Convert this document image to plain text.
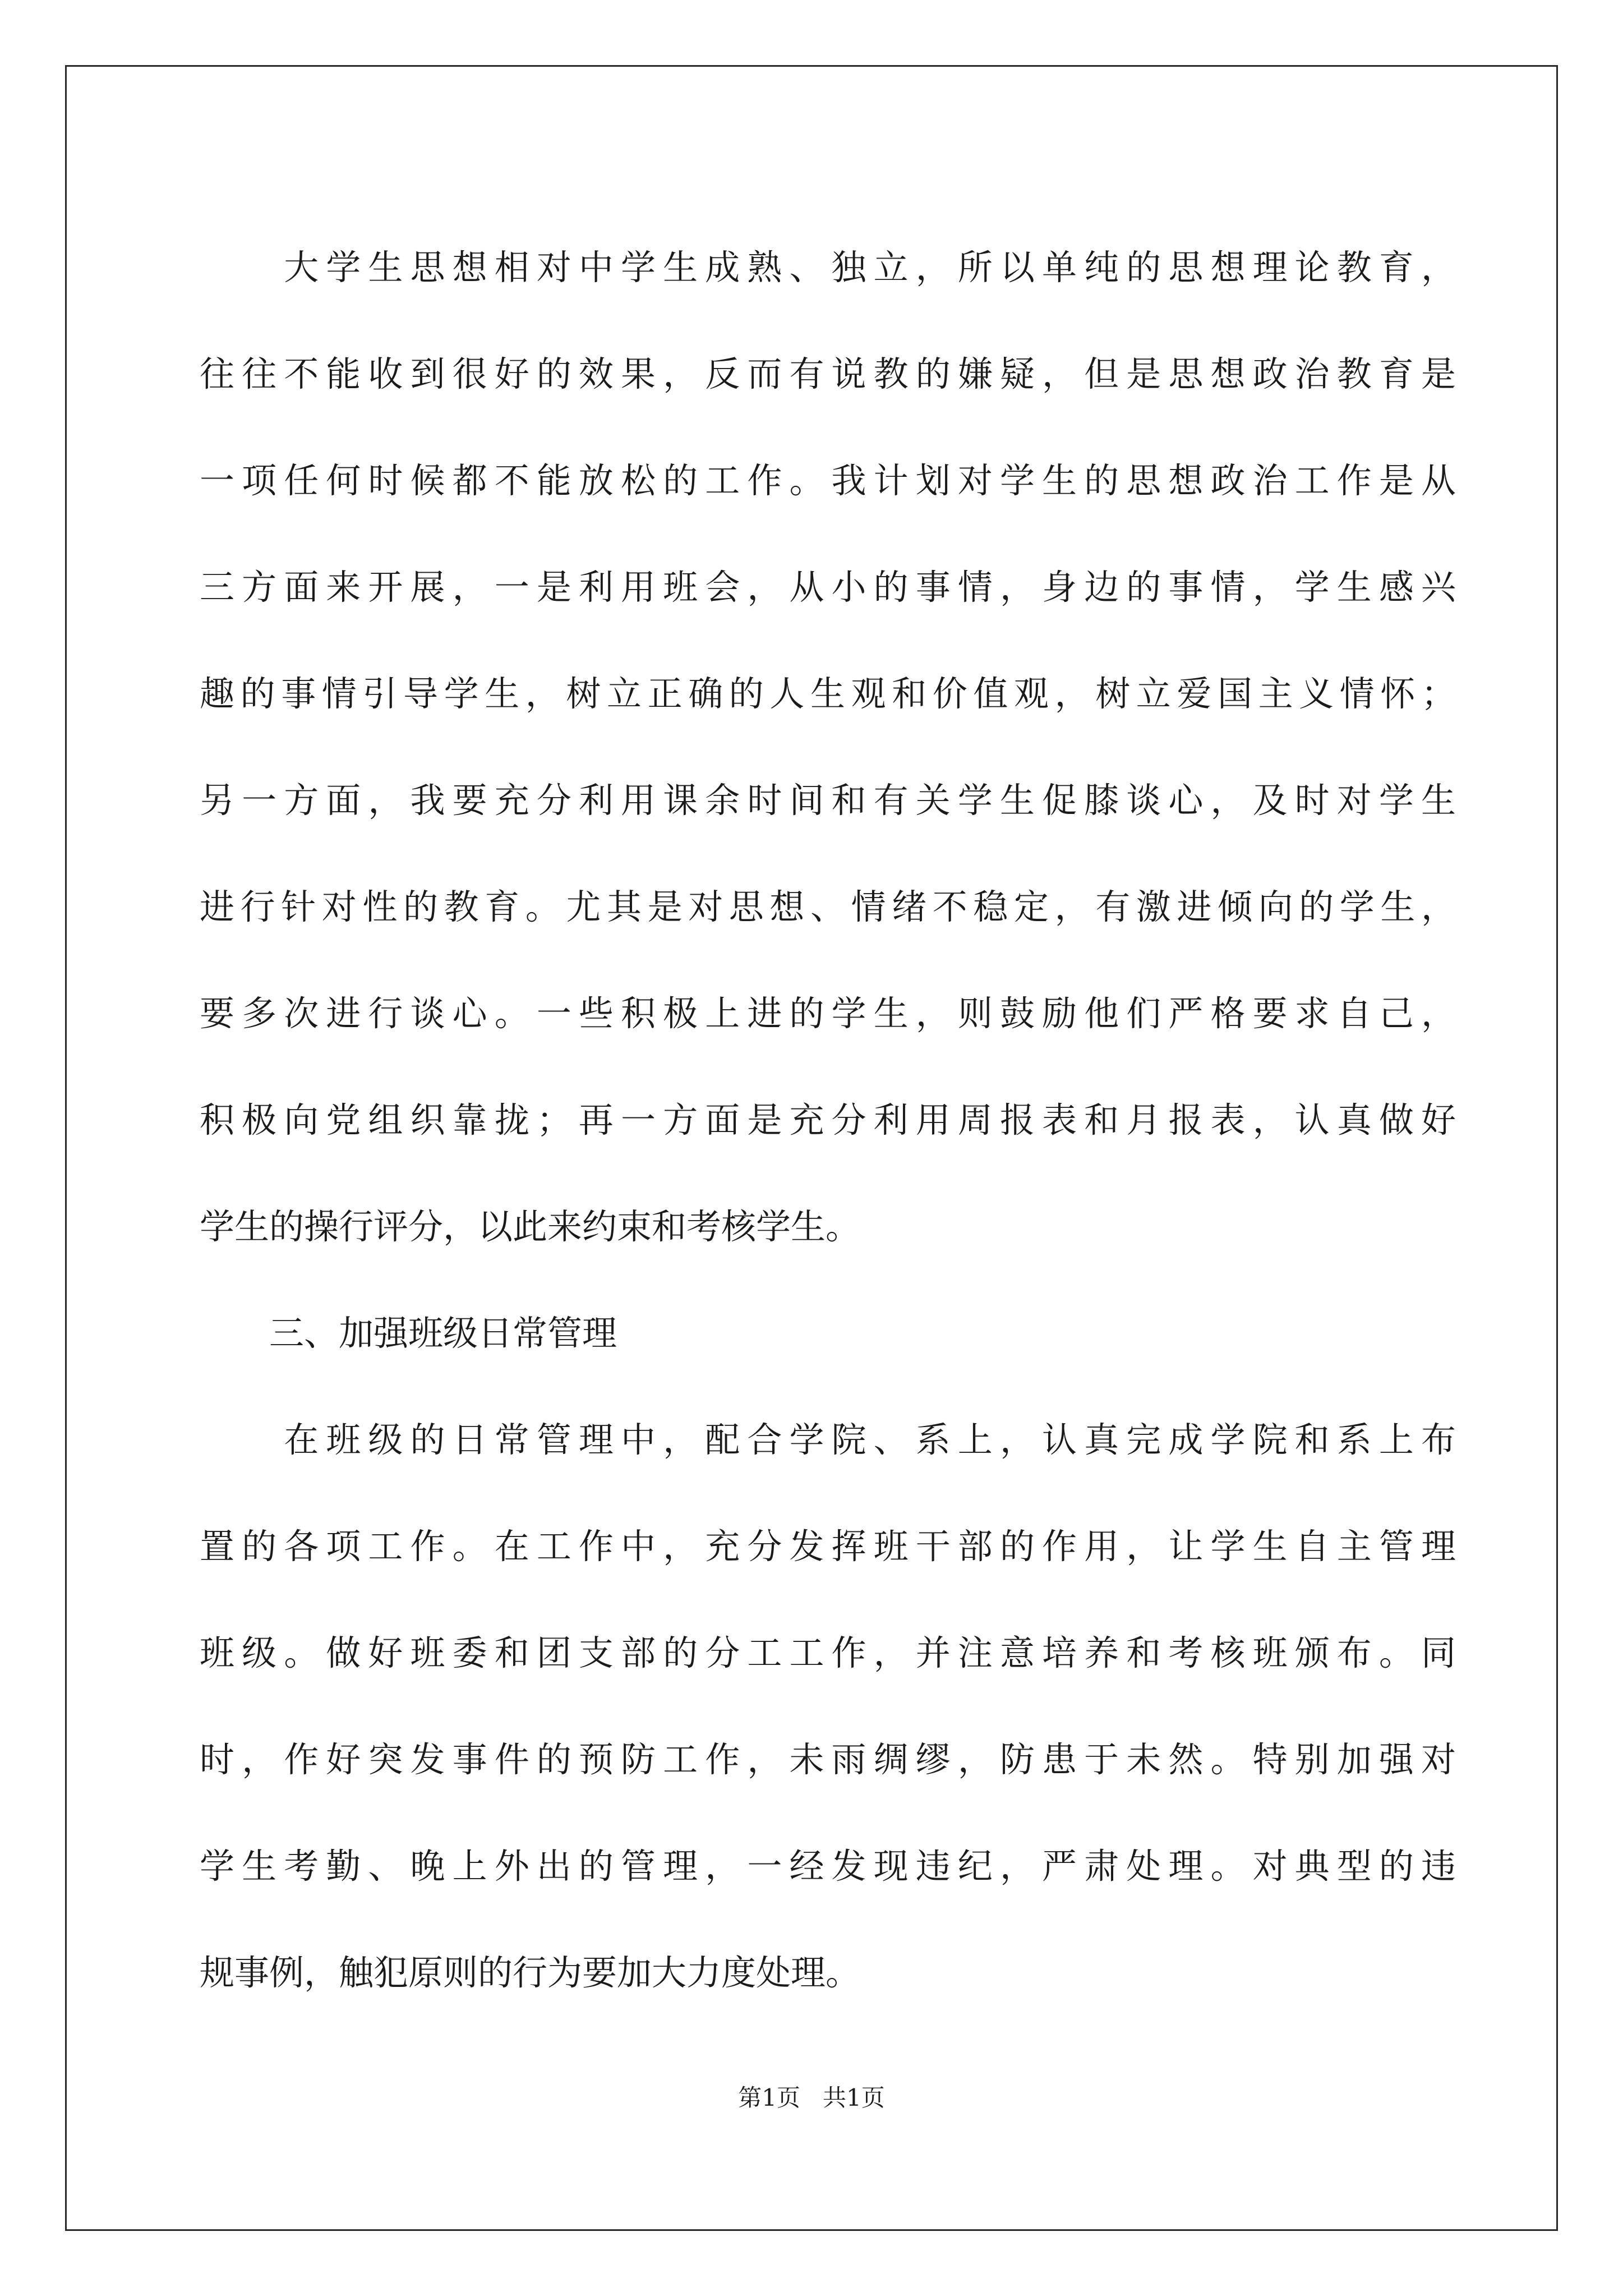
　　大学生思想相对中学生成熟、独立，所以单纯的思想理论教育，
往往不能收到很好的效果，反而有说教的嫌疑，但是思想政治教育是
一项任何时候都不能放松的工作。我计划对学生的思想政治工作是从
三方面来开展，一是利用班会，从小的事情，身边的事情，学生感兴
趣的事情引导学生，树立正确的人生观和价值观，树立爱国主义情怀；
另一方面，我要充分利用课余时间和有关学生促膝谈心，及时对学生
进行针对性的教育。尤其是对思想、情绪不稳定，有激进倾向的学生，
要多次进行谈心。一些积极上进的学生，则鼓励他们严格要求自己，
积极向党组织靠拢；再一方面是充分利用周报表和月报表，认真做好
学生的操行评分，以此来约束和考核学生。
　　三、加强班级日常管理
　　在班级的日常管理中，配合学院、系上，认真完成学院和系上布
置的各项工作。在工作中，充分发挥班干部的作用，让学生自主管理
班级。做好班委和团支部的分工工作，并注意培养和考核班颁布。同
时，作好突发事件的预防工作，未雨绸缪，防患于未然。特别加强对
学生考勤、晚上外出的管理，一经发现违纪，严肃处理。对典型的违
规事例，触犯原则的行为要加大力度处理。
第1页 共1页
